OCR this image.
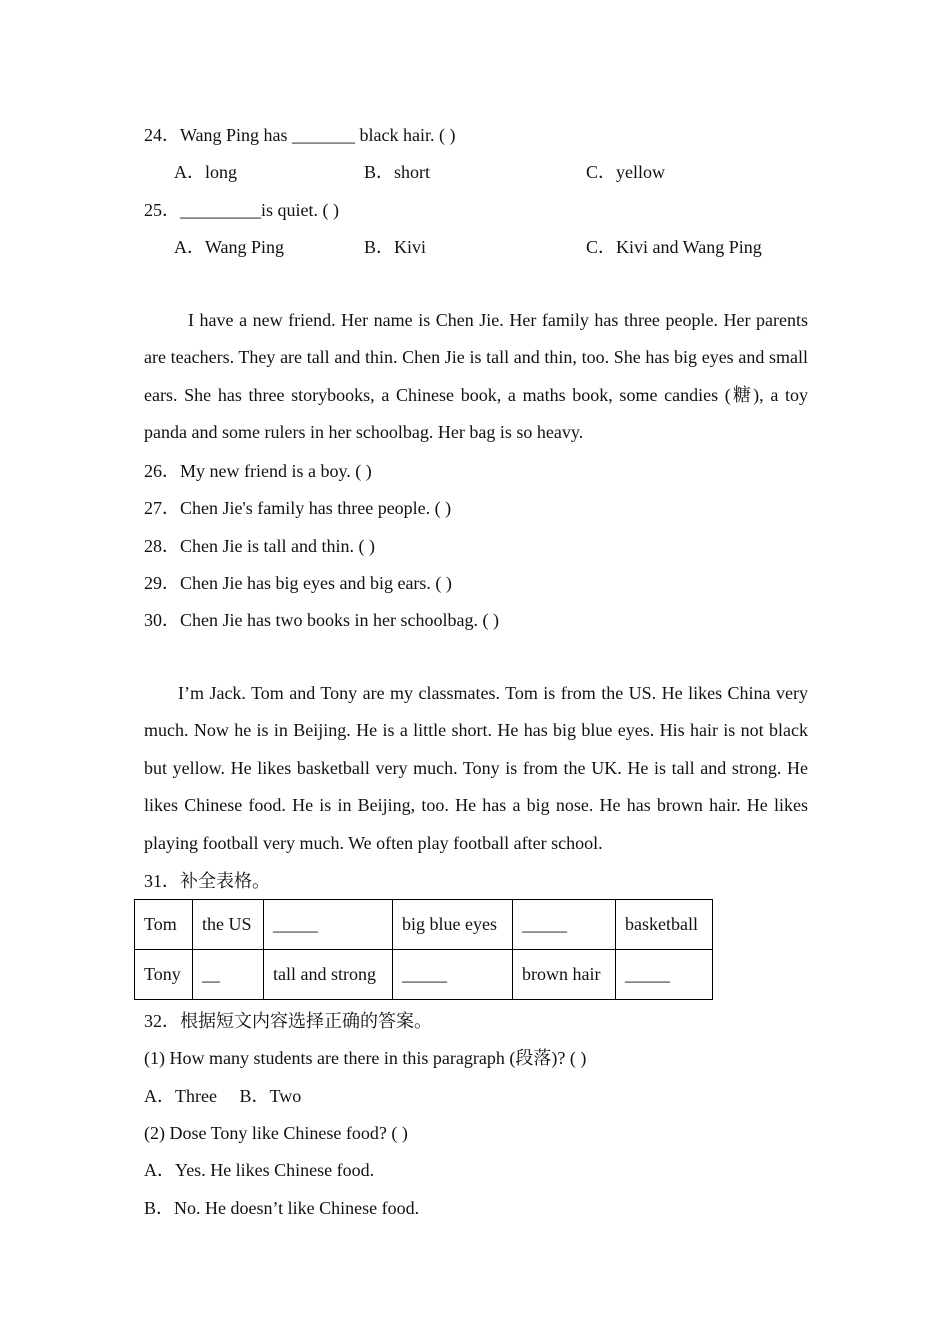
24．Wang Ping has _______ black hair. ( )
A．long	B．short	C．yellow
25．_________is quiet. ( )
A．Wang Ping	B．Kivi	C．Kivi and Wang Ping
I have a new friend. Her name is Chen Jie. Her family has three people. Her parents are teachers. They are tall and thin. Chen Jie is tall and thin, too. She has big eyes and small ears. She has three storybooks, a Chinese book, a maths book, some candies (糖), a toy panda and some rulers in her schoolbag. Her bag is so heavy.
26．My new friend is a boy. ( )
27．Chen Jie's family has three people. ( )
28．Chen Jie is tall and thin. ( )
29．Chen Jie has big eyes and big ears. ( )
30．Chen Jie has two books in her schoolbag. ( )
I’m Jack. Tom and Tony are my classmates. Tom is from the US. He likes China very much. Now he is in Beijing. He is a little short. He has big blue eyes. His hair is not black but yellow. He likes basketball very much. Tony is from the UK. He is tall and strong. He likes Chinese food. He is in Beijing, too. He has a big nose. He has brown hair. He likes playing football very much. We often play football after school.
31．补全表格。
Tom	the US	_____	big blue eyes	_____	basketball
Tony	__	tall and strong	_____	brown hair	_____
32．根据短文内容选择正确的答案。
(1) How many students are there in this paragraph (段落)? ( )
A．Three     B．Two
(2) Dose Tony like Chinese food? ( )
A．Yes. He likes Chinese food.
B．No. He doesn’t like Chinese food.
